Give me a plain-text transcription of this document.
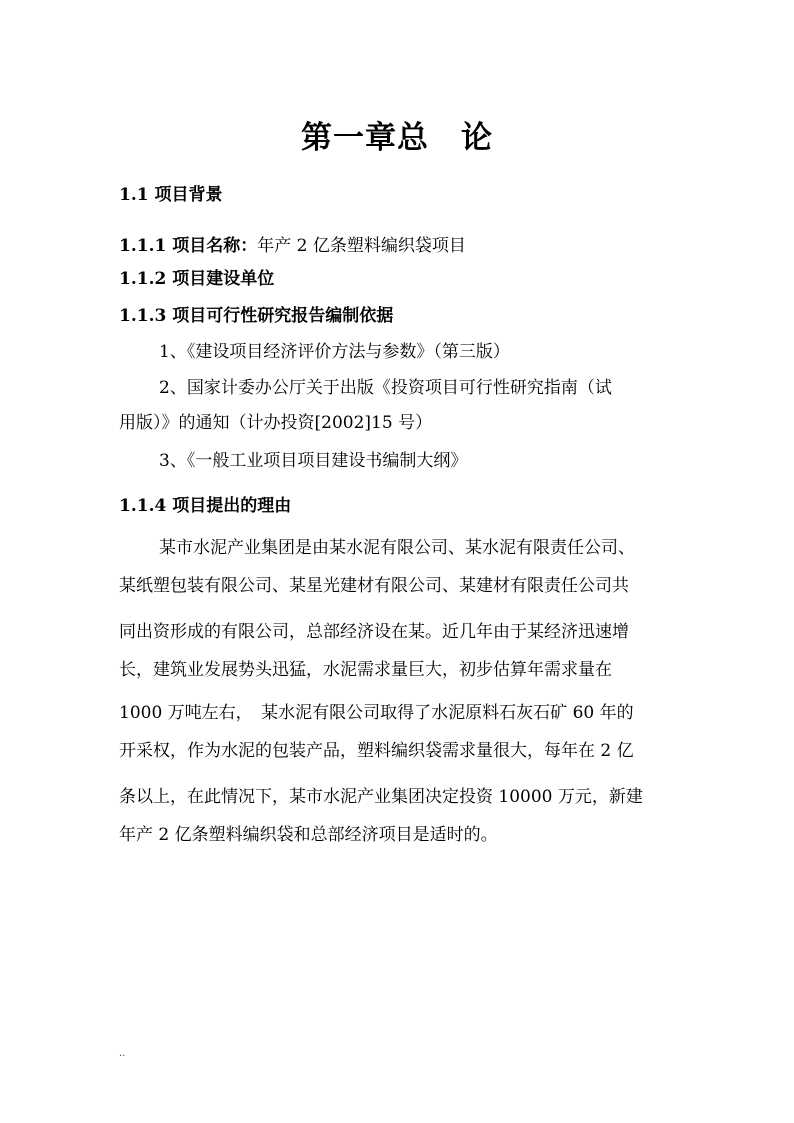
第一章总　论

1.1 项目背景

1.1.1 项目名称：年产 2 亿条塑料编织袋项目

1.1.2 项目建设单位

1.1.3 项目可行性研究报告编制依据

1、《建设项目经济评价方法与参数》（第三版）

2、国家计委办公厅关于出版《投资项目可行性研究指南（试

用版）》的通知（计办投资[2002]15 号）

3、《一般工业项目项目建设书编制大纲》

1.1.4 项目提出的理由

某市水泥产业集团是由某水泥有限公司、某水泥有限责任公司、

某纸塑包装有限公司、某星光建材有限公司、某建材有限责任公司共

同出资形成的有限公司，总部经济设在某。近几年由于某经济迅速增

长，建筑业发展势头迅猛，水泥需求量巨大，初步估算年需求量在

1000 万吨左右，　某水泥有限公司取得了水泥原料石灰石矿 60 年的

开采权，作为水泥的包装产品，塑料编织袋需求量很大，每年在 2 亿

条以上，在此情况下，某市水泥产业集团决定投资 10000 万元，新建

年产 2 亿条塑料编织袋和总部经济项目是适时的。

..
